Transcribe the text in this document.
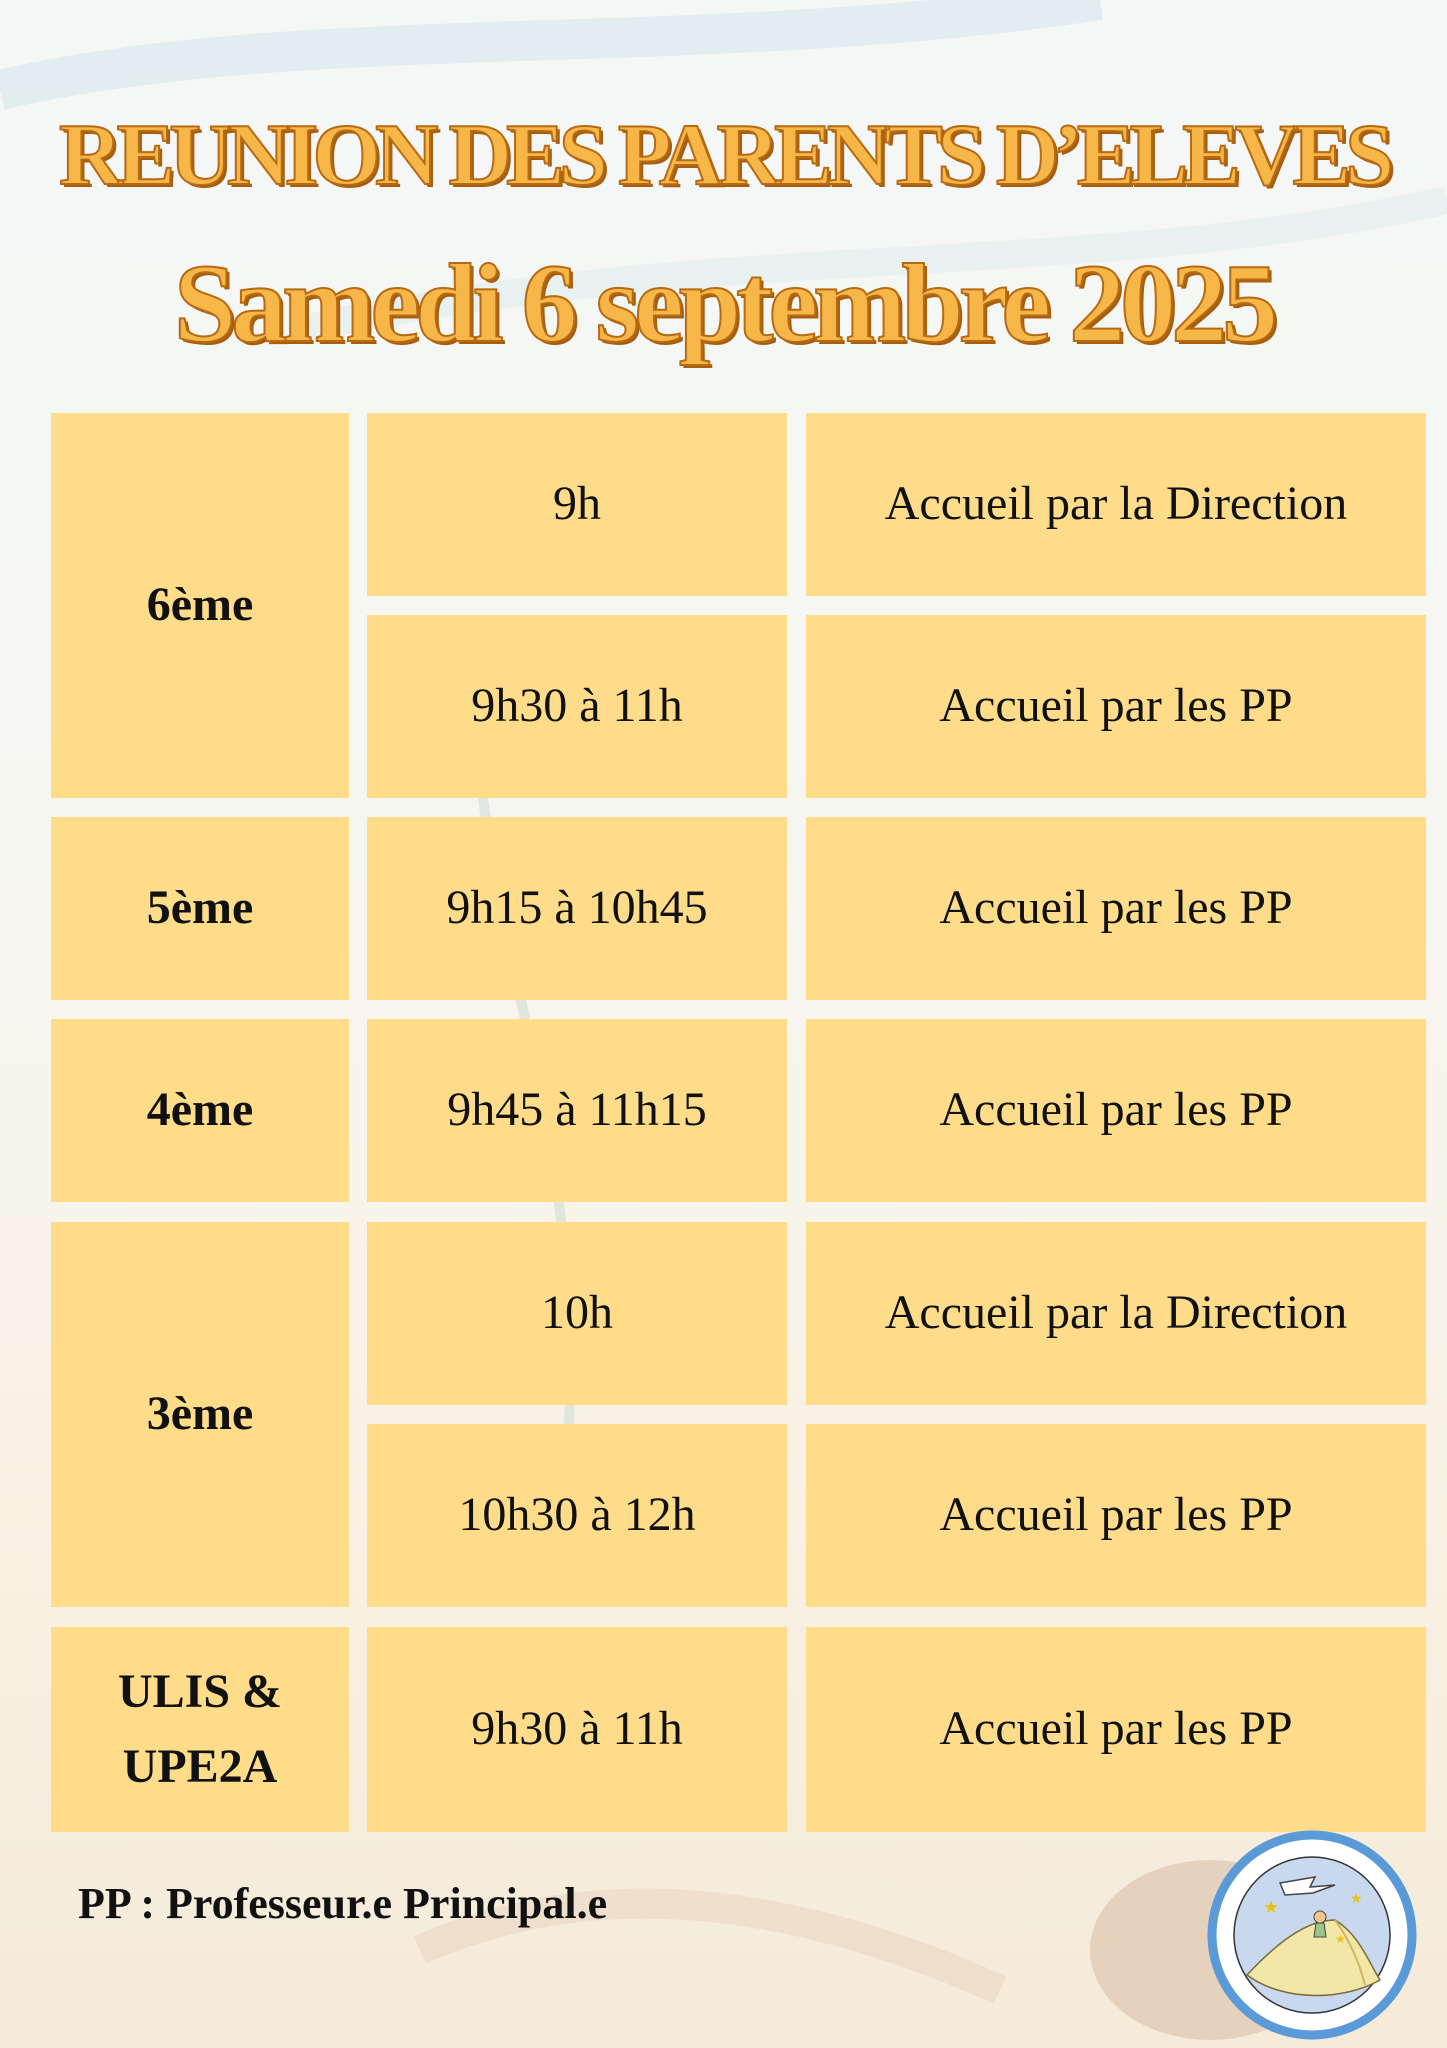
REUNION DES PARENTS D’ELEVES
Samedi 6 septembre 2025
6ème
9h	Accueil par la Direction
9h30 à 11h	Accueil par les PP
5ème	9h15 à 10h45	Accueil par les PP
4ème	9h45 à 11h15	Accueil par les PP
3ème
10h	Accueil par la Direction
10h30 à 12h	Accueil par les PP
ULIS &
UPE2A
9h30 à 11h	Accueil par les PP
PP : Professeur.e Principal.e	★	★
★
